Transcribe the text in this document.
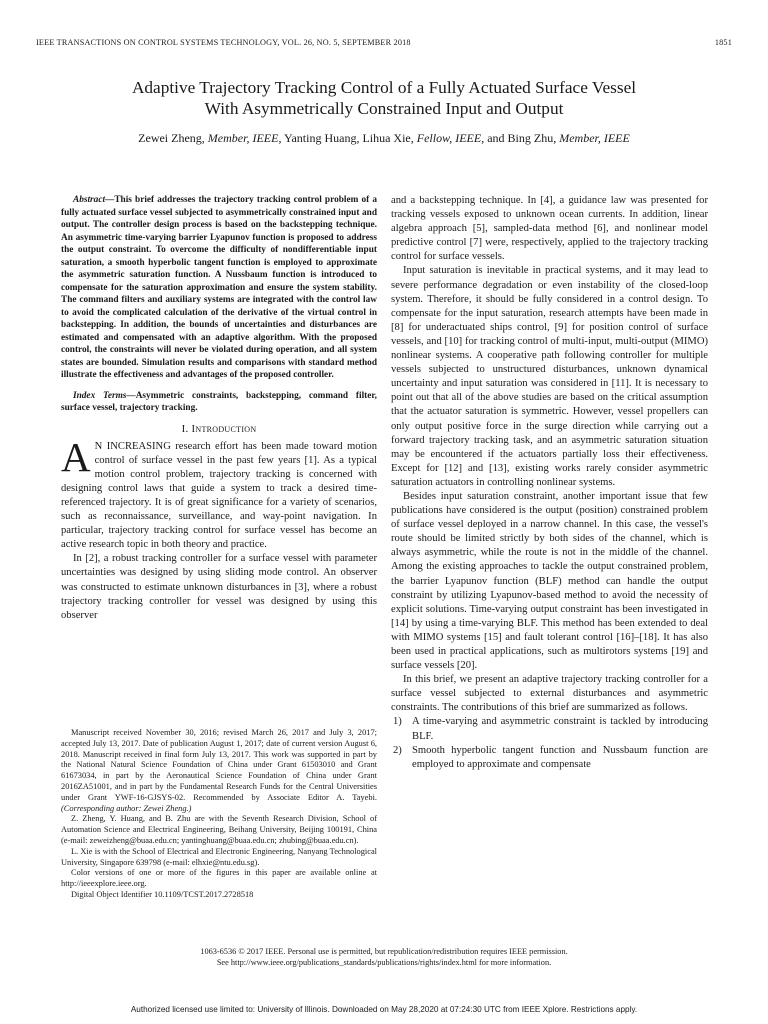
IEEE TRANSACTIONS ON CONTROL SYSTEMS TECHNOLOGY, VOL. 26, NO. 5, SEPTEMBER 2018	1851
Adaptive Trajectory Tracking Control of a Fully Actuated Surface Vessel
With Asymmetrically Constrained Input and Output
Zewei Zheng, Member, IEEE, Yanting Huang, Lihua Xie, Fellow, IEEE, and Bing Zhu, Member, IEEE

Abstract—This brief addresses the trajectory tracking control problem of a fully actuated surface vessel subjected to asymmetrically constrained input and output. The controller design process is based on the backstepping technique. An asymmetric time-varying barrier Lyapunov function is proposed to address the output constraint. To overcome the difficulty of nondifferentiable input saturation, a smooth hyperbolic tangent function is employed to approximate the asymmetric saturation function. A Nussbaum function is introduced to compensate for the saturation approximation and ensure the system stability. The command filters and auxiliary systems are integrated with the control law to avoid the complicated calculation of the derivative of the virtual control in backstepping. In addition, the bounds of uncertainties and disturbances are estimated and compensated with an adaptive algorithm. With the proposed control, the constraints will never be violated during operation, and all system states are bounded. Simulation results and comparisons with standard method illustrate the effectiveness and advantages of the proposed controller.

Index Terms—Asymmetric constraints, backstepping, command filter, surface vessel, trajectory tracking.

I. Introduction

A N INCREASING research effort has been made toward motion control of surface vessel in the past few years [1]. As a typical motion control problem, trajectory tracking is concerned with designing control laws that guide a system to track a desired time-referenced trajectory. It is of great significance for a variety of scenarios, such as reconnaissance, surveillance, and way-point navigation. In particular, trajectory tracking control for surface vessel has become an active research topic in both theory and practice.

In [2], a robust tracking controller for a surface vessel with parameter uncertainties was designed by using sliding mode control. An observer was constructed to estimate unknown disturbances in [3], where a robust trajectory tracking controller for vessel was designed by using this observer

Manuscript received November 30, 2016; revised March 26, 2017 and July 3, 2017; accepted July 13, 2017. Date of publication August 1, 2017; date of current version August 6, 2018. Manuscript received in final form July 13, 2017. This work was supported in part by the National Natural Science Foundation of China under Grant 61503010 and Grant 61673034, in part by the Aeronautical Science Foundation of China under Grant 2016ZA51001, and in part by the Fundamental Research Funds for the Central Universities under Grant YWF-16-GJSYS-02. Recommended by Associate Editor A. Tayebi. (Corresponding author: Zewei Zheng.)

Z. Zheng, Y. Huang, and B. Zhu are with the Seventh Research Division, School of Automation Science and Electrical Engineering, Beihang University, Beijing 100191, China (e-mail: zeweizheng@buaa.edu.cn; yantinghuang@buaa.edu.cn; zhubing@buaa.edu.cn).

L. Xie is with the School of Electrical and Electronic Engineering, Nanyang Technological University, Singapore 639798 (e-mail: elhxie@ntu.edu.sg).

Color versions of one or more of the figures in this paper are available online at http://ieeexplore.ieee.org.

Digital Object Identifier 10.1109/TCST.2017.2728518

and a backstepping technique. In [4], a guidance law was presented for tracking vessels exposed to unknown ocean currents. In addition, linear algebra approach [5], sampled-data method [6], and nonlinear model predictive control [7] were, respectively, applied to the trajectory tracking control for surface vessels.

Input saturation is inevitable in practical systems, and it may lead to severe performance degradation or even instability of the closed-loop system. Therefore, it should be fully considered in a control design. To compensate for the input saturation, research attempts have been made in [8] for underactuated ships control, [9] for position control of surface vessels, and [10] for tracking control of multi-input, multi-output (MIMO) nonlinear systems. A cooperative path following controller for multiple vessels subjected to unstructured disturbances, unknown dynamical uncertainty and input saturation was considered in [11]. It is necessary to point out that all of the above studies are based on the critical assumption that the actuator saturation is symmetric. However, vessel propellers can only output positive force in the surge direction while carrying out a forward trajectory tracking task, and an asymmetric saturation situation may be encountered if the actuators partially loss their effectiveness. Except for [12] and [13], existing works rarely consider asymmetric saturation actuators in controlling nonlinear systems.

Besides input saturation constraint, another important issue that few publications have considered is the output (position) constrained problem of surface vessel deployed in a narrow channel. In this case, the vessel's route should be limited strictly by both sides of the channel, which is always asymmetric, while the route is not in the middle of the channel. Among the existing approaches to tackle the output constrained problem, the barrier Lyapunov function (BLF) method can handle the output constraint by utilizing Lyapunov-based method to avoid the necessity of explicit solutions. Time-varying output constraint has been investigated in [14] by using a time-varying BLF. This method has been extended to deal with MIMO systems [15] and fault tolerant control [16]–[18]. It has also been used in practical applications, such as multirotors systems [19] and surface vessels [20].

In this brief, we present an adaptive trajectory tracking controller for a surface vessel subjected to external disturbances and asymmetric constraints. The contributions of this brief are summarized as follows.

1) A time-varying and asymmetric constraint is tackled by introducing BLF.
2) Smooth hyperbolic tangent function and Nussbaum function are employed to approximate and compensate
1063-6536 © 2017 IEEE. Personal use is permitted, but republication/redistribution requires IEEE permission.
See http://www.ieee.org/publications_standards/publications/rights/index.html for more information.
Authorized licensed use limited to: University of Illinois. Downloaded on May 28,2020 at 07:24:30 UTC from IEEE Xplore. Restrictions apply.
